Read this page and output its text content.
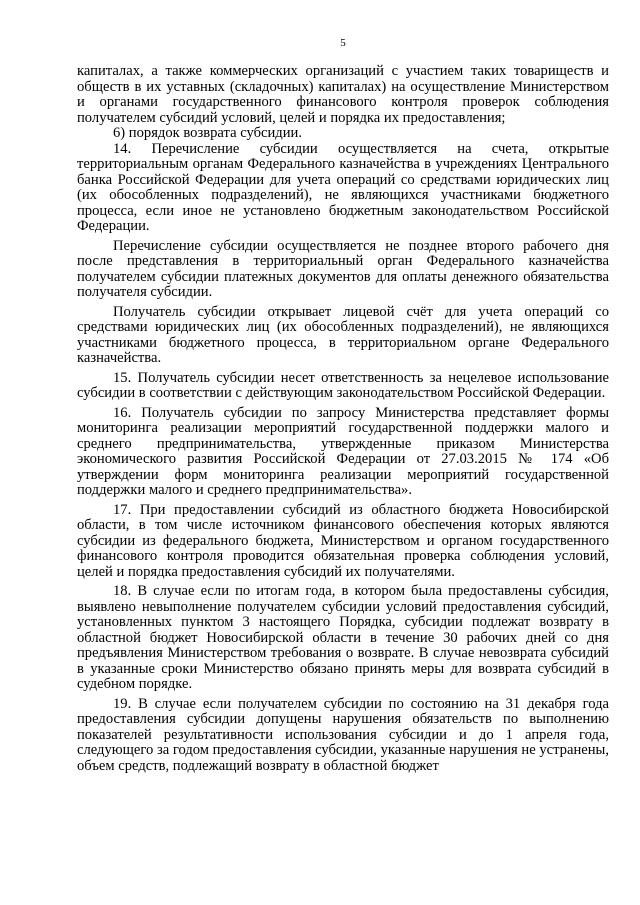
5

капиталах, а также коммерческих организаций с участием таких товариществ и обществ в их уставных (складочных) капиталах) на осуществление Министерством и органами государственного финансового контроля проверок соблюдения получателем субсидий условий, целей и порядка их предоставления;

6) порядок возврата субсидии.

14. Перечисление субсидии осуществляется на счета, открытые территориальным органам Федерального казначейства в учреждениях Центрального банка Российской Федерации для учета операций со средствами юридических лиц (их обособленных подразделений), не являющихся участниками бюджетного процесса, если иное не установлено бюджетным законодательством Российской Федерации.

Перечисление субсидии осуществляется не позднее второго рабочего дня после представления в территориальный орган Федерального казначейства получателем субсидии платежных документов для оплаты денежного обязательства получателя субсидии.

Получатель субсидии открывает лицевой счёт для учета операций со средствами юридических лиц (их обособленных подразделений), не являющихся участниками бюджетного процесса, в территориальном органе Федерального казначейства.

15. Получатель субсидии несет ответственность за нецелевое использование субсидии в соответствии с действующим законодательством Российской Федерации.

16. Получатель субсидии по запросу Министерства представляет формы мониторинга реализации мероприятий государственной поддержки малого и среднего предпринимательства, утвержденные приказом Министерства экономического развития Российской Федерации от 27.03.2015 № 174 «Об утверждении форм мониторинга реализации мероприятий государственной поддержки малого и среднего предпринимательства».

17. При предоставлении субсидий из областного бюджета Новосибирской области, в том числе источником финансового обеспечения которых являются субсидии из федерального бюджета, Министерством и органом государственного финансового контроля проводится обязательная проверка соблюдения условий, целей и порядка предоставления субсидий их получателями.

18. В случае если по итогам года, в котором была предоставлены субсидия, выявлено невыполнение получателем субсидии условий предоставления субсидий, установленных пунктом 3 настоящего Порядка, субсидии подлежат возврату в областной бюджет Новосибирской области в течение 30 рабочих дней со дня предъявления Министерством требования о возврате. В случае невозврата субсидий в указанные сроки Министерство обязано принять меры для возврата субсидий в судебном порядке.

19. В случае если получателем субсидии по состоянию на 31 декабря года предоставления субсидии допущены нарушения обязательств по выполнению показателей результативности использования субсидии и до 1 апреля года, следующего за годом предоставления субсидии, указанные нарушения не устранены, объем средств, подлежащий возврату в областной бюджет
